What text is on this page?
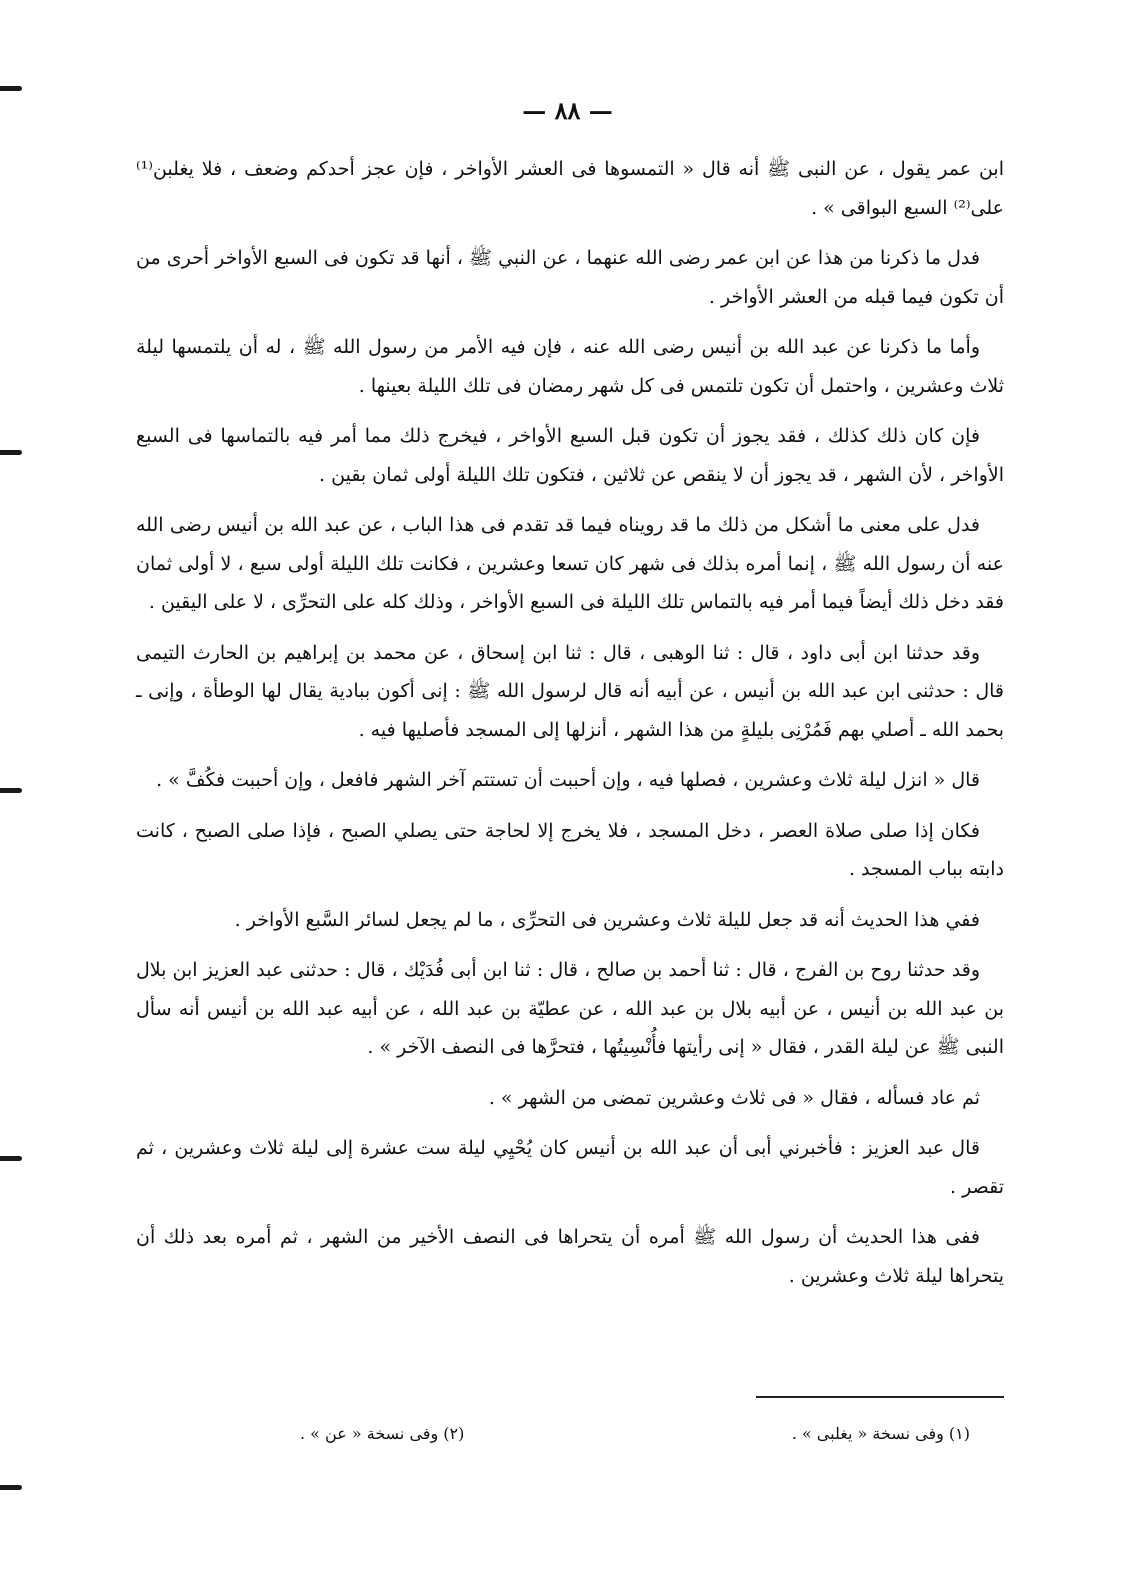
— ٨٨ —

ابن عمر يقول ، عن النبى ﷺ أنه قال « التمسوها فى العشر الأواخر ، فإن عجز أحدكم وضعف ، فلا يغلبن⁽¹⁾ على⁽²⁾ السبع البواقى » .

فدل ما ذكرنا من هذا عن ابن عمر رضى الله عنهما ، عن النبي ﷺ ، أنها قد تكون فى السبع الأواخر أحرى من أن تكون فيما قبله من العشر الأواخر .

وأما ما ذكرنا عن عبد الله بن أنيس رضى الله عنه ، فإن فيه الأمر من رسول الله ﷺ ، له أن يلتمسها ليلة ثلاث وعشرين ، واحتمل أن تكون تلتمس فى كل شهر رمضان فى تلك الليلة بعينها .

فإن كان ذلك كذلك ، فقد يجوز أن تكون قبل السبع الأواخر ، فيخرج ذلك مما أمر فيه بالتماسها فى السبع الأواخر ، لأن الشهر ، قد يجوز أن لا ينقص عن ثلاثين ، فتكون تلك الليلة أولى ثمان بقين .

فدل على معنى ما أشكل من ذلك ما قد رويناه فيما قد تقدم فى هذا الباب ، عن عبد الله بن أنيس رضى الله عنه أن رسول الله ﷺ ، إنما أمره بذلك فى شهر كان تسعا وعشرين ، فكانت تلك الليلة أولى سبع ، لا أولى ثمان فقد دخل ذلك أيضاً فيما أمر فيه بالتماس تلك الليلة فى السبع الأواخر ، وذلك كله على التحرِّى ، لا على اليقين .

وقد حدثنا ابن أبى داود ، قال : ثنا الوهبى ، قال : ثنا ابن إسحاق ، عن محمد بن إبراهيم بن الحارث التيمى قال : حدثنى ابن عبد الله بن أنيس ، عن أبيه أنه قال لرسول الله ﷺ : إنى أكون ببادية يقال لها الوطأة ، وإنى ـ بحمد الله ـ أصلي بهم فَمُرْنِى بليلةٍ من هذا الشهر ، أنزلها إلى المسجد فأصليها فيه .

قال « انزل ليلة ثلاث وعشرين ، فصلها فيه ، وإن أحببت أن تستتم آخر الشهر فافعل ، وإن أحببت فكُفَّ » .

فكان إذا صلى صلاة العصر ، دخل المسجد ، فلا يخرج إلا لحاجة حتى يصلي الصبح ، فإذا صلى الصبح ، كانت دابته بباب المسجد .

ففي هذا الحديث أنه قد جعل لليلة ثلاث وعشرين فى التحرِّى ، ما لم يجعل لسائر السَّبع الأواخر .

وقد حدثنا روح بن الفرج ، قال : ثنا أحمد بن صالح ، قال : ثنا ابن أبى فُدَيْك ، قال : حدثنى عبد العزيز ابن بلال بن عبد الله بن أنيس ، عن أبيه بلال بن عبد الله ، عن عطيّة بن عبد الله ، عن أبيه عبد الله بن أنيس أنه سأل النبى ﷺ عن ليلة القدر ، فقال « إنى رأيتها فأُنْسِيتُها ، فتحرَّها فى النصف الآخر » .

ثم عاد فسأله ، فقال « فى ثلاث وعشرين تمضى من الشهر » .

قال عبد العزيز : فأخبرني أبى أن عبد الله بن أنيس كان يُحْيِي ليلة ست عشرة إلى ليلة ثلاث وعشرين ، ثم تقصر .

ففى هذا الحديث أن رسول الله ﷺ أمره أن يتحراها فى النصف الأخير من الشهر ، ثم أمره بعد ذلك أن يتحراها ليلة ثلاث وعشرين .

(١) وفى نسخة « يغلبى » .
(٢) وفى نسخة « عن » .
